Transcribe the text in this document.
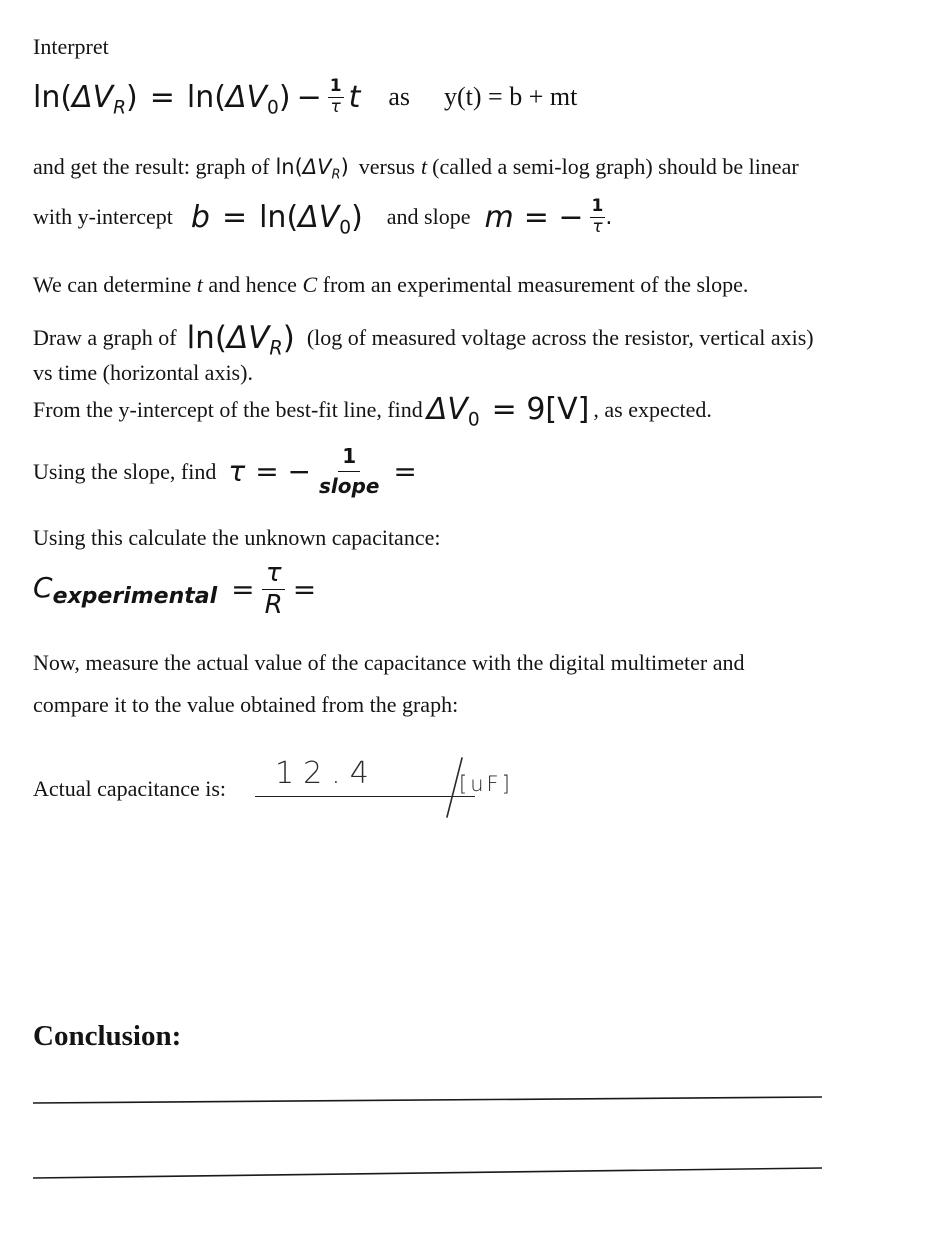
Interpret
$\ln(\Delta V_R) = \ln(\Delta V_0) - \frac{1}{\tau}$ t as y(t) = b + mt
and get the result: graph of $\ln(\Delta V_R)$ versus t (called a semi-log graph) should be linear
with y-intercept $b = \ln(\Delta V_0)$ and slope m = − $\frac{1}{\tau}$ .
We can determine t and hence C from an experimental measurement of the slope.
Draw a graph of $\ln(\Delta V_R)$ (log of measured voltage across the resistor, vertical axis)
vs time (horizontal axis).
From the y-intercept of the best-fit line, find $\Delta V_0 = 9[V]$ , as expected.
Using the slope, find τ = − $\frac{1}{\text{slope}}$ =
Using this calculate the unknown capacitance:
$C_{experimental} = \frac{\tau}{R}$ =
Now, measure the actual value of the capacitance with the digital multimeter and
compare it to the value obtained from the graph:
Actual capacitance is: 12.4	[uF]
Conclusion:
